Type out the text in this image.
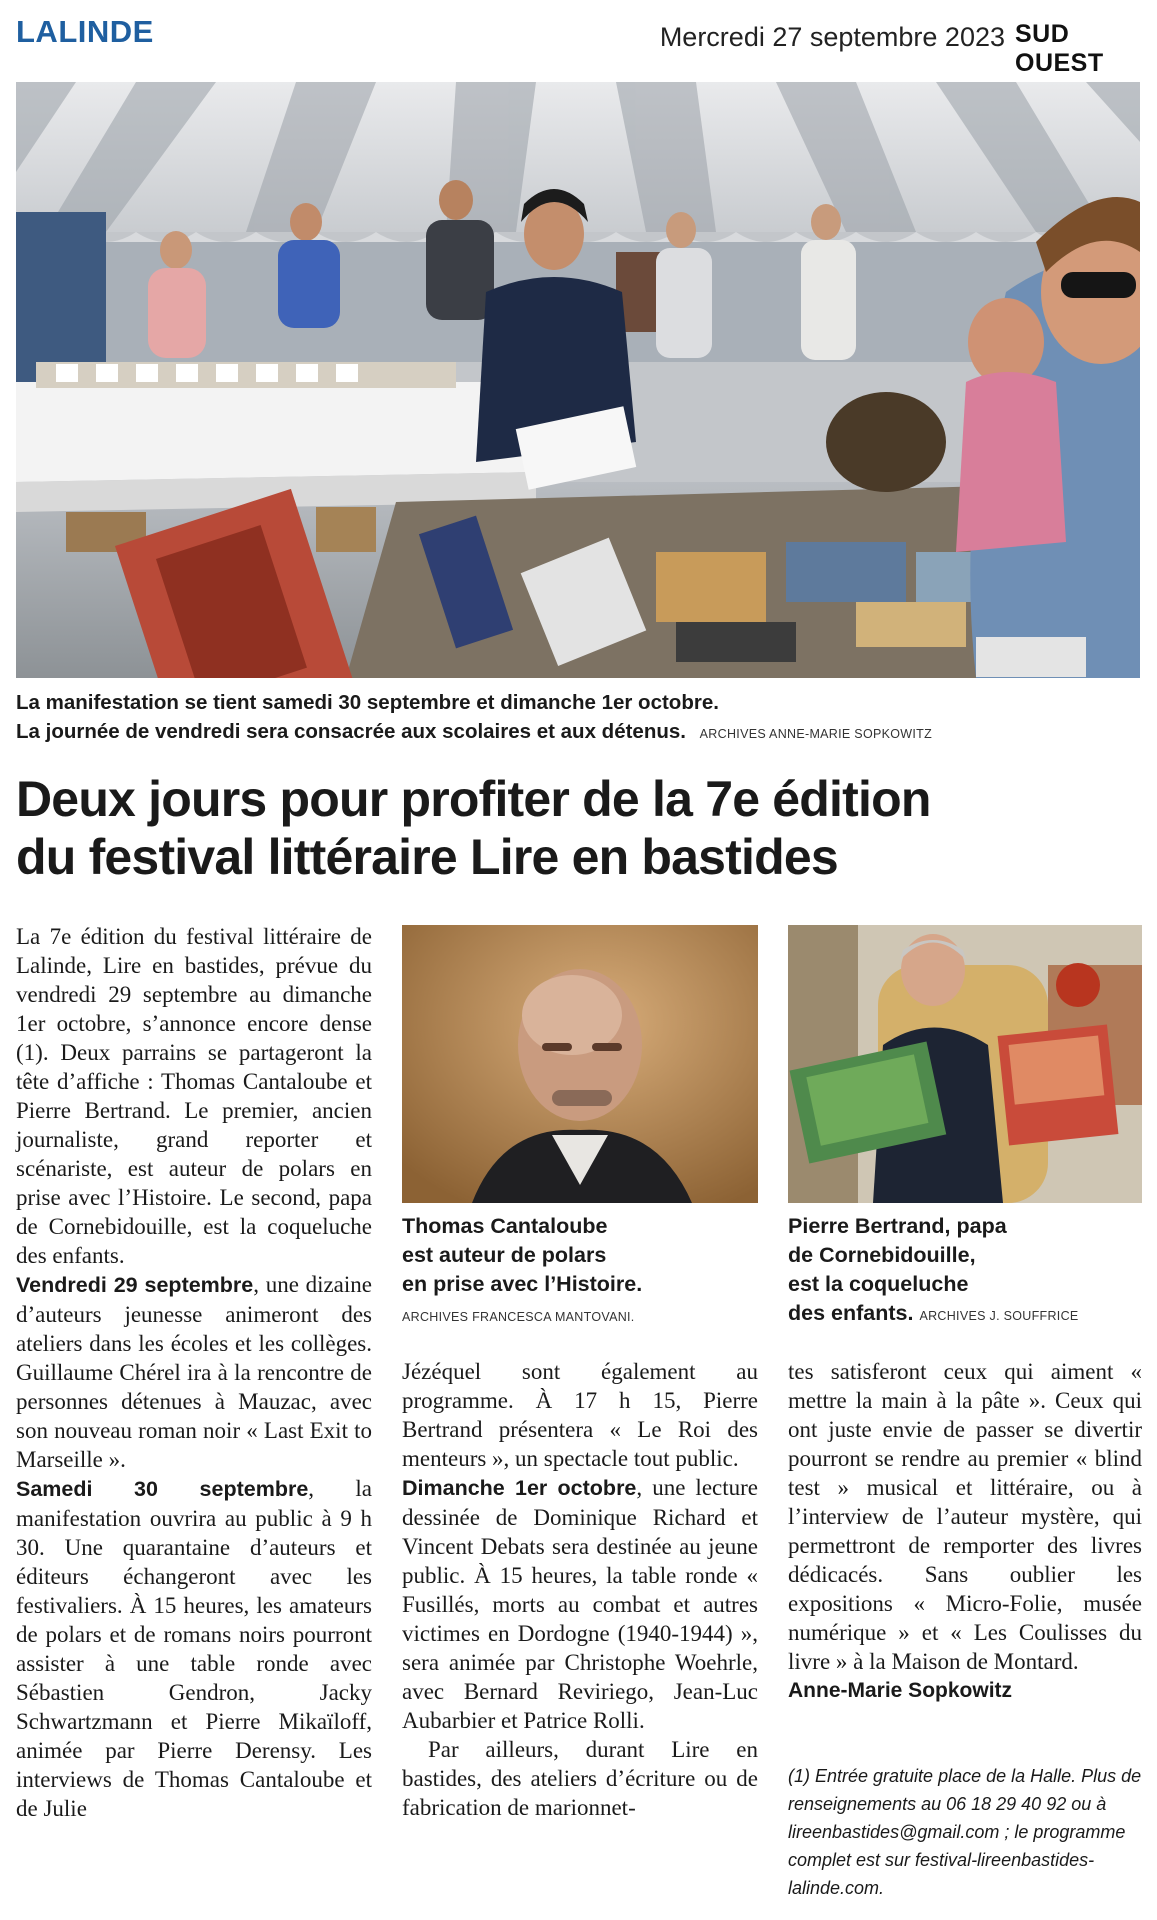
LALINDE	Mercredi 27 septembre 2023 SUD OUEST
La manifestation se tient samedi 30 septembre et dimanche 1er octobre.
La journée de vendredi sera consacrée aux scolaires et aux détenus. ARCHIVES ANNE-MARIE SOPKOWITZ
Deux jours pour profiter de la 7e édition
du festival littéraire Lire en bastides

La 7e édition du festival littéraire de Lalinde, Lire en bastides, prévue du vendredi 29 septembre au dimanche 1er octobre, s’annonce encore dense (1). Deux parrains se partageront la tête d’affiche : Thomas Cantaloube et Pierre Bertrand. Le premier, ancien journaliste, grand reporter et scénariste, est auteur de polars en prise avec l’Histoire. Le second, papa de Cornebidouille, est la coqueluche des enfants.

Vendredi 29 septembre, une dizaine d’auteurs jeunesse animeront des ateliers dans les écoles et les collèges. Guillaume Chérel ira à la rencontre de personnes détenues à Mauzac, avec son nouveau roman noir « Last Exit to Marseille ».

Samedi 30 septembre, la manifestation ouvrira au public à 9 h 30. Une quarantaine d’auteurs et éditeurs échangeront avec les festivaliers. À 15 heures, les amateurs de polars et de romans noirs pourront assister à une table ronde avec Sébastien Gendron, Jacky Schwartzmann et Pierre Mikaïloff, animée par Pierre Derensy. Les interviews de Thomas Cantaloube et de Julie

Thomas Cantaloube
est auteur de polars
en prise avec l’Histoire.
ARCHIVES FRANCESCA MANTOVANI.
Pierre Bertrand, papa
de Cornebidouille,
est la coqueluche
des enfants. ARCHIVES J. SOUFFRICE

Jézéquel sont également au programme. À 17 h 15, Pierre Bertrand présentera « Le Roi des menteurs », un spectacle tout public.

Dimanche 1er octobre, une lecture dessinée de Dominique Richard et Vincent Debats sera destinée au jeune public. À 15 heures, la table ronde « Fusillés, morts au combat et autres victimes en Dordogne (1940-1944) », sera animée par Christophe Woehrle, avec Bernard Reviriego, Jean-Luc Aubarbier et Patrice Rolli.

Par ailleurs, durant Lire en bastides, des ateliers d’écriture ou de fabrication de marionnet-

tes satisferont ceux qui aiment « mettre la main à la pâte ». Ceux qui ont juste envie de passer se divertir pourront se rendre au premier « blind test » musical et littéraire, ou à l’interview de l’auteur mystère, qui permettront de remporter des livres dédicacés. Sans oublier les expositions « Micro-Folie, musée numérique » et « Les Coulisses du livre » à la Maison de Montard.

Anne-Marie Sopkowitz

(1) Entrée gratuite place de la Halle. Plus de renseignements au 06 18 29 40 92 ou à lireenbastides@gmail.com ; le programme complet est sur festival-lireenbastides-lalinde.com.
